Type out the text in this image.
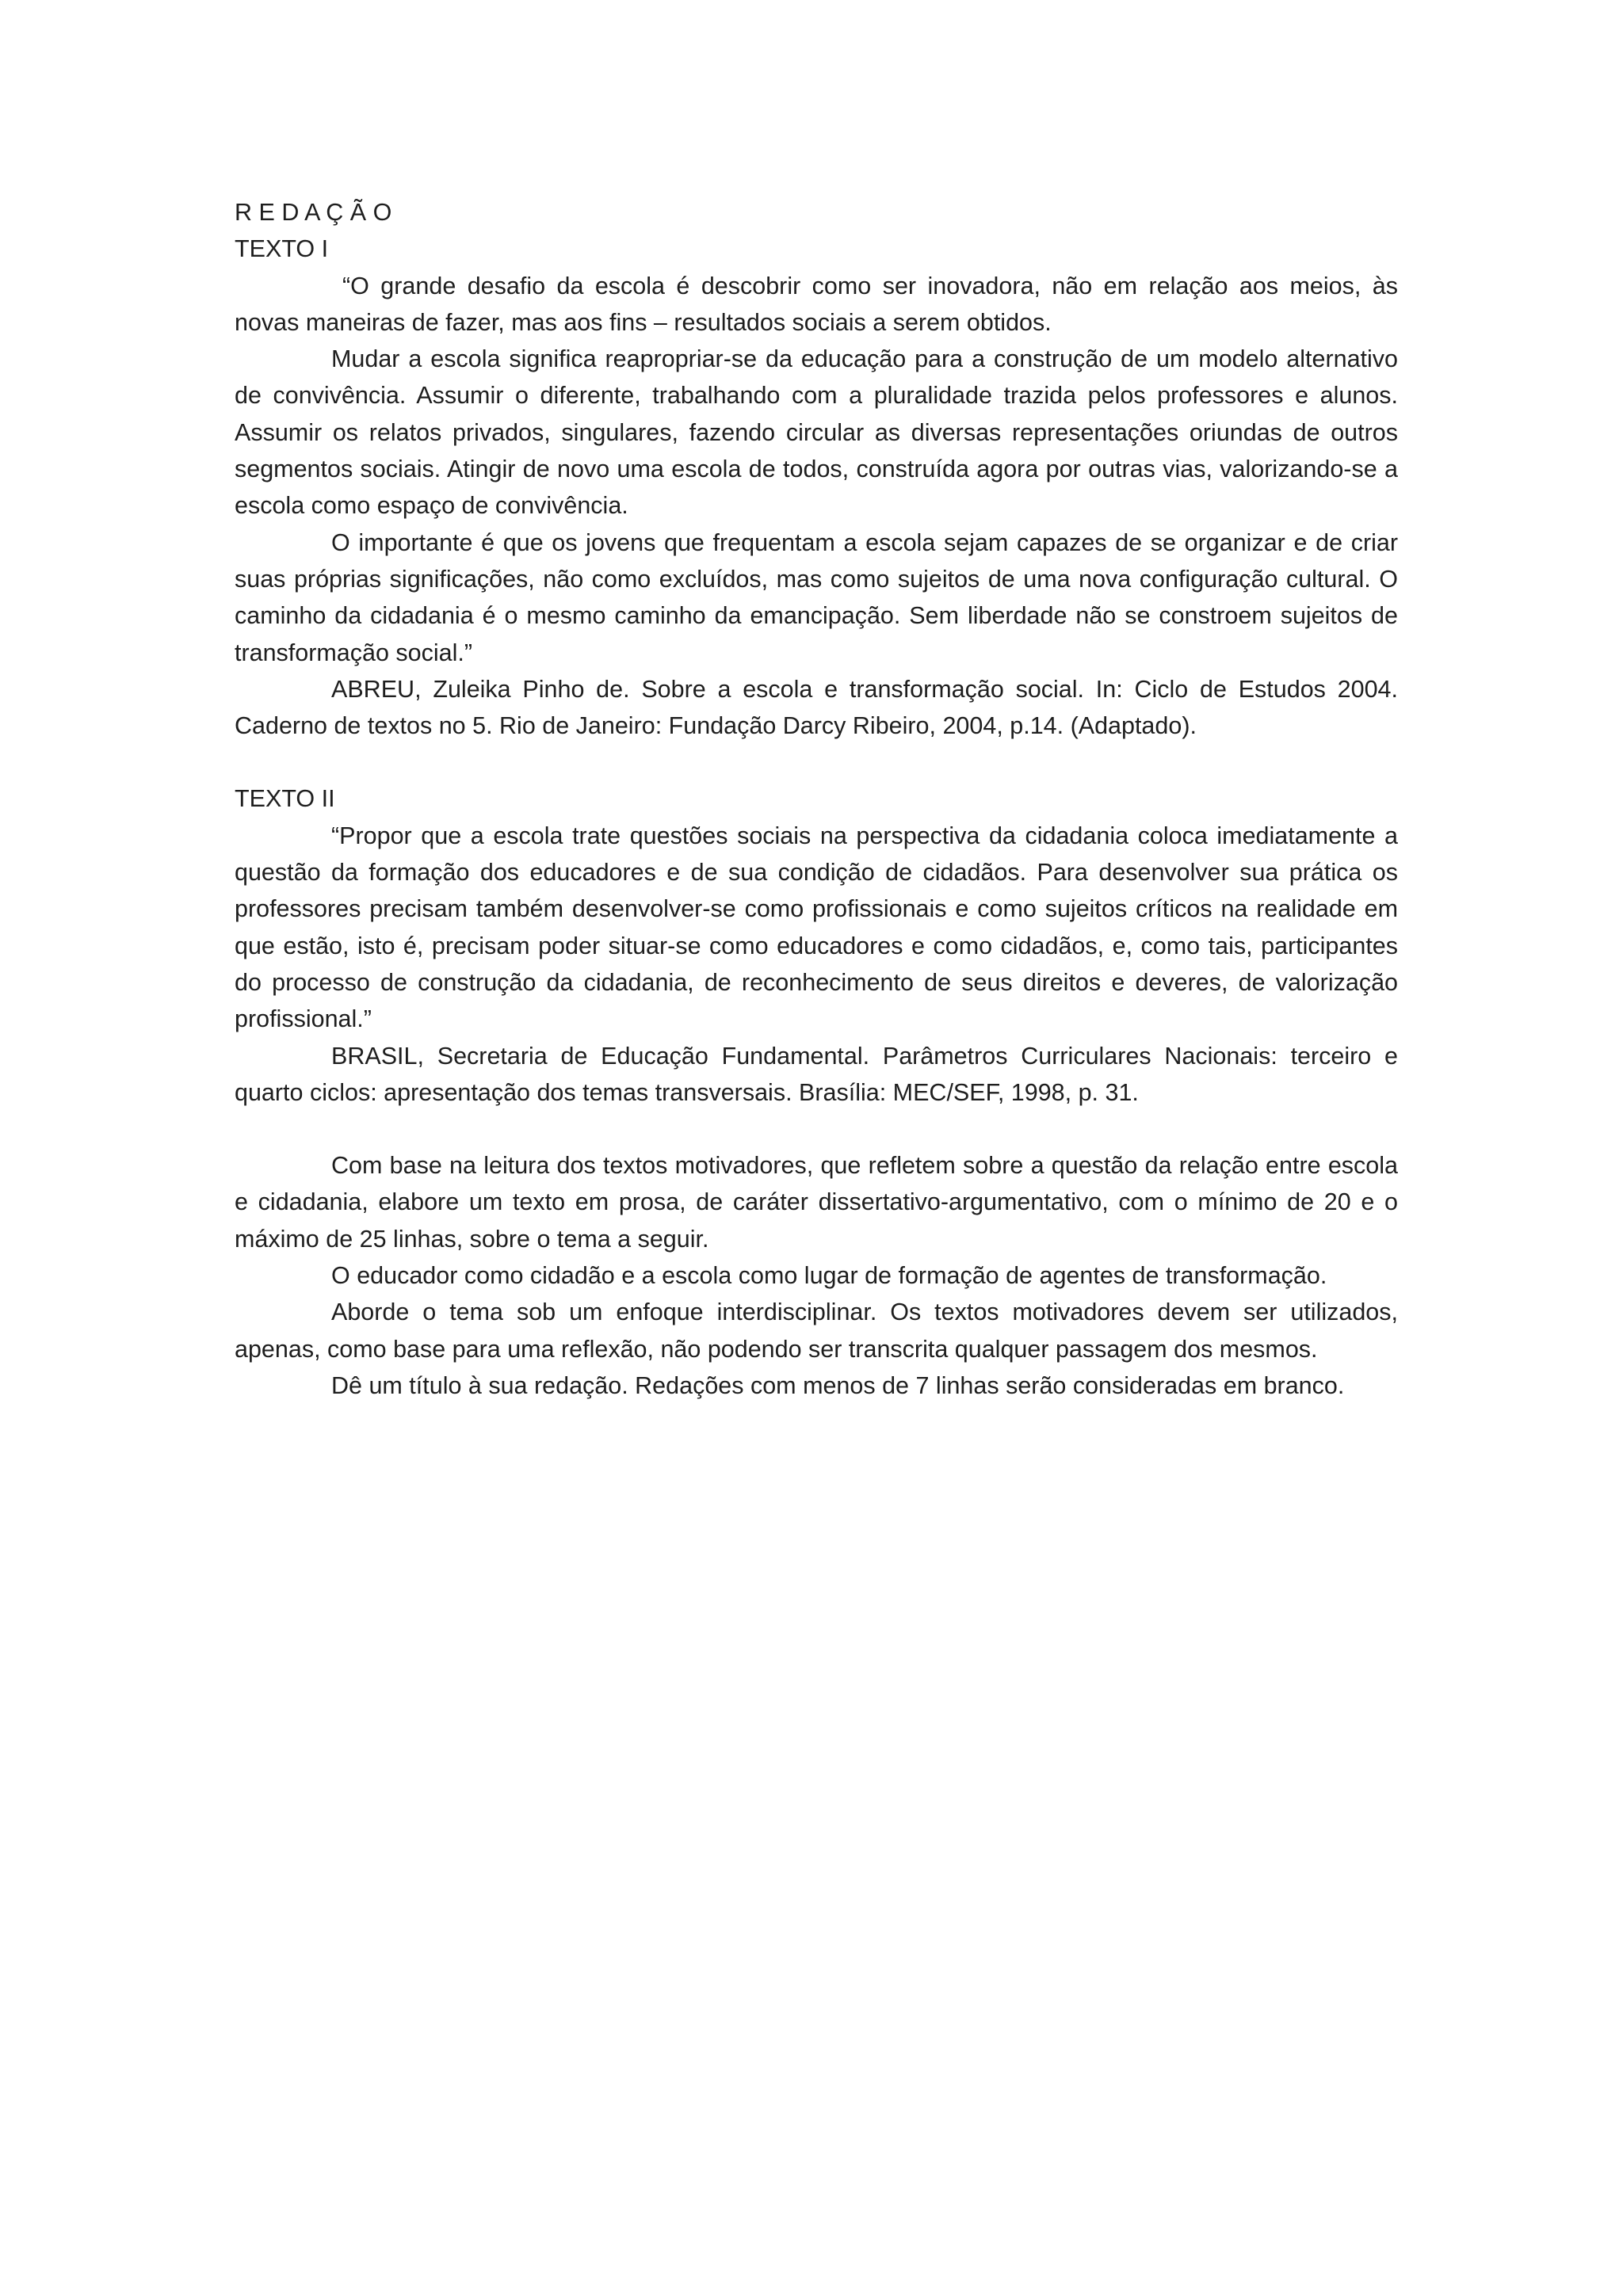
R E D A Ç Ã O

TEXTO I

“O grande desafio da escola é descobrir como ser inovadora, não em relação aos meios, às novas maneiras de fazer, mas aos fins – resultados sociais a serem obtidos.

Mudar a escola significa reapropriar-se da educação para a construção de um modelo alternativo de convivência. Assumir o diferente, trabalhando com a pluralidade trazida pelos professores e alunos. Assumir os relatos privados, singulares, fazendo circular as diversas representações oriundas de outros segmentos sociais. Atingir de novo uma escola de todos, construída agora por outras vias, valorizando-se a escola como espaço de convivência.

O importante é que os jovens que frequentam a escola sejam capazes de se organizar e de criar suas próprias significações, não como excluídos, mas como sujeitos de uma nova configuração cultural. O caminho da cidadania é o mesmo caminho da emancipação. Sem liberdade não se constroem sujeitos de transformação social.”

ABREU, Zuleika Pinho de. Sobre a escola e transformação social. In: Ciclo de Estudos 2004. Caderno de textos no 5. Rio de Janeiro: Fundação Darcy Ribeiro, 2004, p.14. (Adaptado).

TEXTO II

“Propor que a escola trate questões sociais na perspectiva da cidadania coloca imediatamente a questão da formação dos educadores e de sua condição de cidadãos. Para desenvolver sua prática os professores precisam também desenvolver-se como profissionais e como sujeitos críticos na realidade em que estão, isto é, precisam poder situar-se como educadores e como cidadãos, e, como tais, participantes do processo de construção da cidadania, de reconhecimento de seus direitos e deveres, de valorização profissional.”

BRASIL, Secretaria de Educação Fundamental. Parâmetros Curriculares Nacionais: terceiro e quarto ciclos: apresentação dos temas transversais. Brasília: MEC/SEF, 1998, p. 31.

Com base na leitura dos textos motivadores, que refletem sobre a questão da relação entre escola e cidadania, elabore um texto em prosa, de caráter dissertativo-argumentativo, com o mínimo de 20 e o máximo de 25 linhas, sobre o tema a seguir.

O educador como cidadão e a escola como lugar de formação de agentes de transformação.

Aborde o tema sob um enfoque interdisciplinar. Os textos motivadores devem ser utilizados, apenas, como base para uma reflexão, não podendo ser transcrita qualquer passagem dos mesmos.

Dê um título à sua redação. Redações com menos de 7 linhas serão consideradas em branco.
